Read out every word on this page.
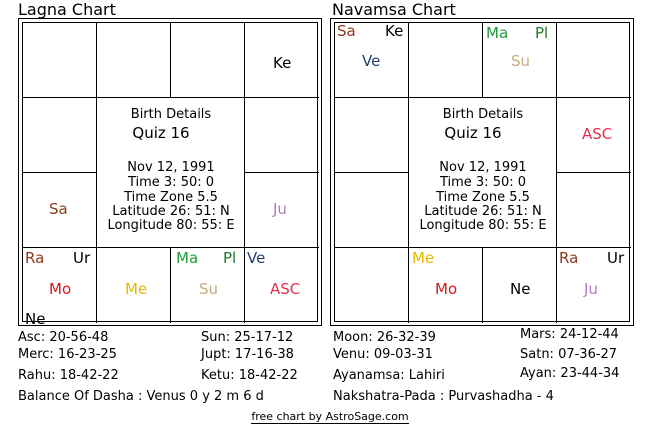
Lagna Chart
Ke
Sa	Ju
Ra Ur
Mo
Ne
Me
Ma Pl
Su
Ve
ASC
Birth Details
Quiz 16
Nov 12, 1991
Time 3: 50: 0
Time Zone 5.5
Latitude 26: 51: N
Longitude 80: 55: E
Navamsa Chart
Sa Ke
Ve
Ma Pl
Su
ASC
Me
Mo	Ne
Ra Ur
Ju
Birth Details
Quiz 16
Nov 12, 1991
Time 3: 50: 0
Time Zone 5.5
Latitude 26: 51: N
Longitude 80: 55: E
Asc: 20-56-48	Sun: 25-17-12
Merc: 16-23-25	Jupt: 17-16-38
Rahu: 18-42-22	Ketu: 18-42-22
Balance Of Dasha : Venus 0 y 2 m 6 d
Moon: 26-32-39	Mars: 24-12-44
Venu: 09-03-31	Satn: 07-36-27
Ayanamsa: Lahiri	Ayan: 23-44-34
Nakshatra-Pada : Purvashadha - 4
free chart by AstroSage.com
